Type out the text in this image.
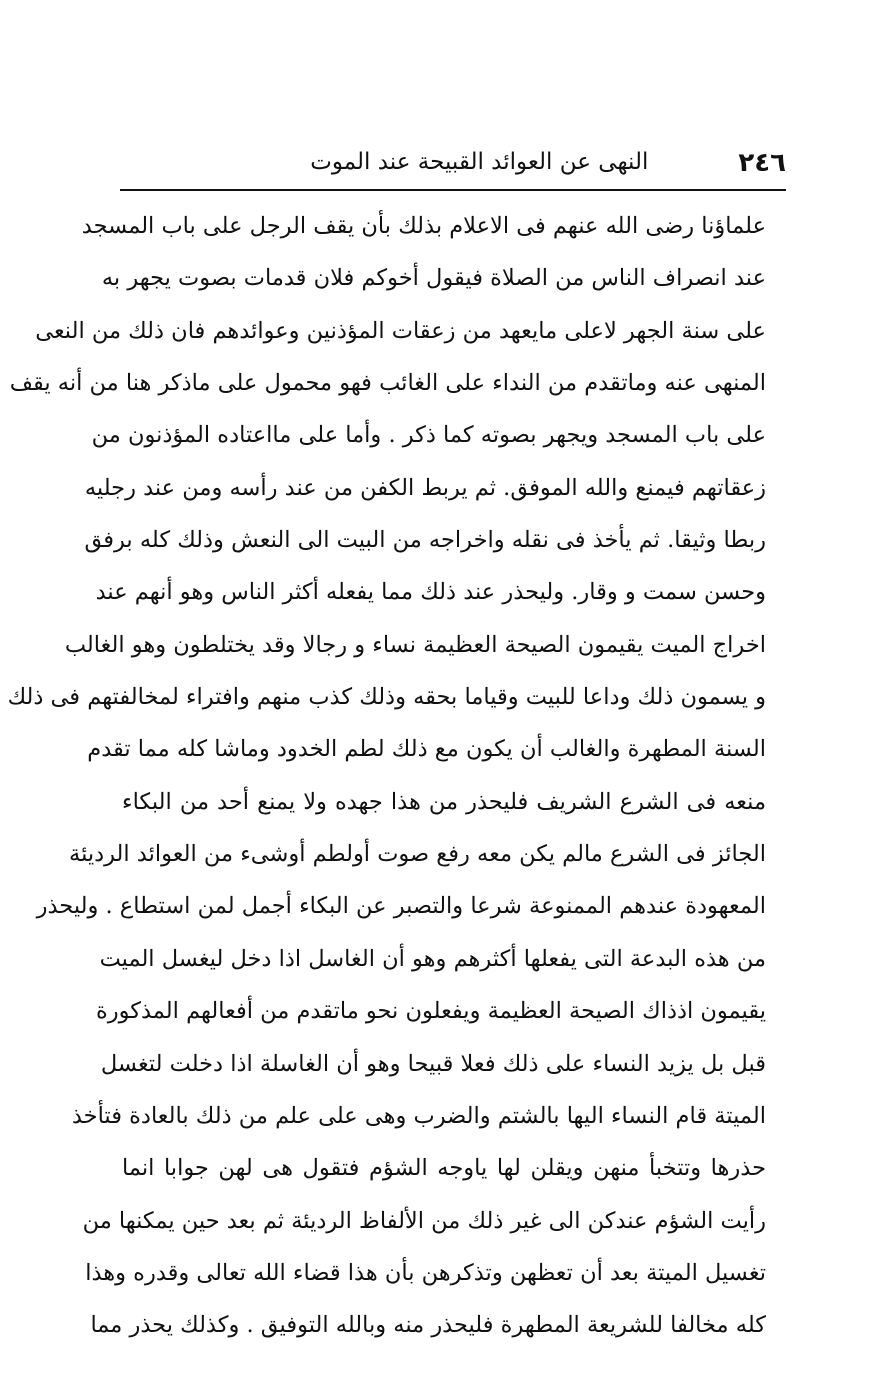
٢٤٦
النهى عن العوائد القبيحة عند الموت
علماؤنا رضى الله عنهم فى الاعلام بذلك بأن يقف الرجل على باب المسجد
عند انصراف الناس من الصلاة فيقول أخوكم فلان قدمات بصوت يجهر به
على سنة الجهر لاعلى مايعهد من زعقات المؤذنين وعوائدهم فان ذلك من النعى
المنهى عنه وماتقدم من النداء على الغائب فهو محمول على ماذكر هنا من أنه يقف
على باب المسجد ويجهر بصوته كما ذكر . وأما على مااعتاده المؤذنون من
زعقاتهم فيمنع والله الموفق. ثم يربط الكفن من عند رأسه ومن عند رجليه
ربطا وثيقا. ثم يأخذ فى نقله واخراجه من البيت الى النعش وذلك كله برفق
وحسن سمت و وقار. وليحذر عند ذلك مما يفعله أكثر الناس وهو أنهم عند
اخراج الميت يقيمون الصيحة العظيمة نساء و رجالا وقد يختلطون وهو الغالب
و يسمون ذلك وداعا للبيت وقياما بحقه وذلك كذب منهم وافتراء لمخالفتهم فى ذلك
السنة المطهرة والغالب أن يكون مع ذلك لطم الخدود وماشا كله مما تقدم
منعه فى الشرع الشريف فليحذر من هذا جهده ولا يمنع أحد من البكاء
الجائز فى الشرع مالم يكن معه رفع صوت أولطم أوشىء من العوائد الرديئة
المعهودة عندهم الممنوعة شرعا والتصبر عن البكاء أجمل لمن استطاع . وليحذر
من هذه البدعة التى يفعلها أكثرهم وهو أن الغاسل اذا دخل ليغسل الميت
يقيمون اذذاك الصيحة العظيمة ويفعلون نحو ماتقدم من أفعالهم المذكورة
قبل بل يزيد النساء على ذلك فعلا قبيحا وهو أن الغاسلة اذا دخلت لتغسل
الميتة قام النساء اليها بالشتم والضرب وهى على علم من ذلك بالعادة فتأخذ
حذرها وتتخبأ منهن ويقلن لها ياوجه الشؤم فتقول هى لهن جوابا انما
رأيت الشؤم عندكن الى غير ذلك من الألفاظ الرديئة ثم بعد حين يمكنها من
تغسيل الميتة بعد أن تعظهن وتذكرهن بأن هذا قضاء الله تعالى وقدره وهذا
كله مخالفا للشريعة المطهرة فليحذر منه وبالله التوفيق . وكذلك يحذر مما
